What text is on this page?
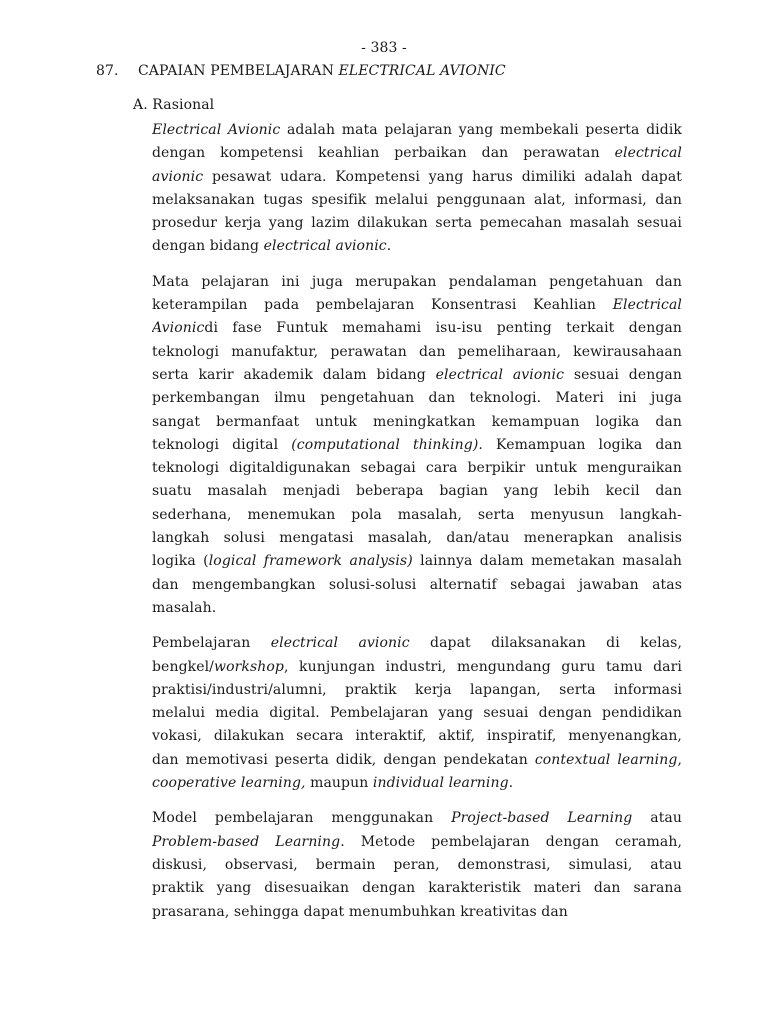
- 383 -
87. CAPAIAN PEMBELAJARAN ELECTRICAL AVIONIC
A. Rasional
Electrical Avionic adalah mata pelajaran yang membekali peserta didik
dengan kompetensi keahlian perbaikan dan perawatan electrical
avionic pesawat udara. Kompetensi yang harus dimiliki adalah dapat
melaksanakan tugas spesifik melalui penggunaan alat, informasi, dan
prosedur kerja yang lazim dilakukan serta pemecahan masalah sesuai
dengan bidang electrical avionic.
Mata pelajaran ini juga merupakan pendalaman pengetahuan dan
keterampilan pada pembelajaran Konsentrasi Keahlian Electrical
Avionicdi fase Funtuk memahami isu-isu penting terkait dengan
teknologi manufaktur, perawatan dan pemeliharaan, kewirausahaan
serta karir akademik dalam bidang electrical avionic sesuai dengan
perkembangan ilmu pengetahuan dan teknologi. Materi ini juga
sangat bermanfaat untuk meningkatkan kemampuan logika dan
teknologi digital (computational thinking). Kemampuan logika dan
teknologi digitaldigunakan sebagai cara berpikir untuk menguraikan
suatu masalah menjadi beberapa bagian yang lebih kecil dan
sederhana, menemukan pola masalah, serta menyusun langkah-
langkah solusi mengatasi masalah, dan/atau menerapkan analisis
logika (logical framework analysis) lainnya dalam memetakan masalah
dan mengembangkan solusi-solusi alternatif sebagai jawaban atas
masalah.
Pembelajaran electrical avionic dapat dilaksanakan di kelas,
bengkel/workshop, kunjungan industri, mengundang guru tamu dari
praktisi/industri/alumni, praktik kerja lapangan, serta informasi
melalui media digital. Pembelajaran yang sesuai dengan pendidikan
vokasi, dilakukan secara interaktif, aktif, inspiratif, menyenangkan,
dan memotivasi peserta didik, dengan pendekatan contextual learning,
cooperative learning, maupun individual learning.
Model pembelajaran menggunakan Project-based Learning atau
Problem-based Learning. Metode pembelajaran dengan ceramah,
diskusi, observasi, bermain peran, demonstrasi, simulasi, atau
praktik yang disesuaikan dengan karakteristik materi dan sarana
prasarana, sehingga dapat menumbuhkan kreativitas dan
